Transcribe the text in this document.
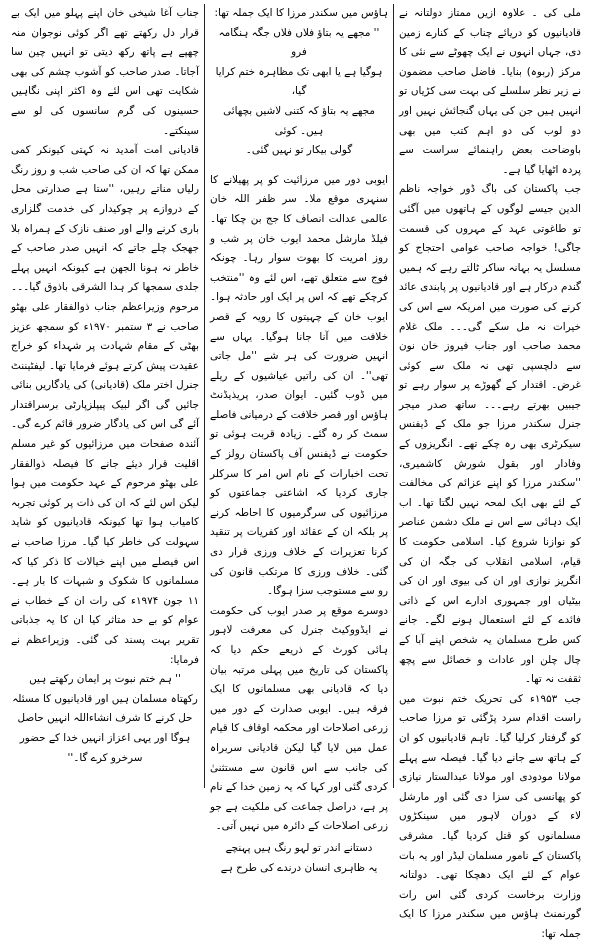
ملی کی ۔ علاوہ ازیں ممتاز دولتانہ نے قادیانیوں کو دریائے چناب کے کنارے زمین دی، جہاں انہوں نے ایک چھوٹے سے نئی کا مرکز (ربوہ) بنایا۔ فاضل صاحب مضمون نے زیر نظر سلسلے کی بہت سی کڑیاں تو انہیں ہیں جن کی یہاں گنجائش نہیں اور دو لوب کی دو اہم کتب میں بھی باوضاحت بعض راہنمائے سراست سے پردہ اٹھایا گیا ہے۔

جب پاکستان کی باگ ڈور خواجہ ناظم الدین جیسے لوگوں کے ہاتھوں میں آگئی تو طاغوتی عہد کے مہروں کی قسمت جاگی! خواجہ صاحب عوامی احتجاج کو مسلسل یہ بہانہ ساکر ٹالتے رہے کہ ہمیں گندم درکار ہے اور قادیانیوں پر پابندی عائد کرنے کی صورت میں امریکہ سے اس کی خیرات نہ مل سکے گی۔۔۔ ملک غلام محمد صاحب اور جناب فیروز خان نون سے دلچسپی تھی نہ ملک سے کوئی غرض۔ اقتدار کے گھوڑے پر سوار رہے تو جیبیں بھرتے رہے۔۔۔ ساتھ صدر میجر جنرل سکندر مرزا جو ملک کے ڈیفنس سیکرٹری بھی رہ چکے تھے۔ انگریزوں کے وفادار اور بقول شورش کاشمیری، ''سکندر مرزا کو اپنے عزائم کی مخالفت کے لئے بھی ایک لمحہ نہیں لگتا تھا۔ اب ایک دہائی سے اس نے ملک دشمن عناصر کو نوازنا شروع کیا۔ اسلامی حکومت کا قیام، اسلامی انقلاب کی جگہ ان کی انگریز نوازی اور ان کی بیوی اور ان کی بیٹیاں اور جمہوری ادارے اس کے ذاتی فائدے کے لئے استعمال ہونے لگے۔ جانے کس طرح مسلمان یہ شخص اپنے آبا کے چال چلن اور عادات و خصائل سے پچھ ثقفت نہ تھا۔

جب ۱۹۵۳ء کی تحریک ختم نبوت میں راست اقدام سرد پڑگئی تو مرزا صاحب کو گرفتار کرلیا گیا۔ تاہم قادیانیوں کو ان کے ہاتھ سے جانے دیا گیا۔ فیصلہ سے پہلے مولانا مودودی اور مولانا عبدالستار نیازی کو پھانسی کی سزا دی گئی اور مارشل لاء کے دوران لاہور میں سینکڑوں مسلمانوں کو قتل کردیا گیا۔ مشرقی پاکستان کے نامور مسلمان لیڈر اور یہ بات عوام کے لئے ایک دھچکا تھی۔ دولتانہ وزارت برخاست کردی گئی اس رات گورنمنٹ ہاؤس میں سکندر مرزا کا ایک جملہ تھا:

ہاؤس میں سکندر مرزا کا ایک جملہ تھا:

'' مجھے یہ بتاؤ فلاں فلاں جگہ ہنگامہ فرو

ہوگیا ہے یا ابھی تک مظاہرہ ختم کرایا گیا،

مجھے یہ بتاؤ کہ کتنی لاشیں بچھائی ہیں۔ کوئی

گولی بیکار تو نہیں گئی۔

ایوبی دور میں مرزائیت کو پر پھیلانے کا سنہری موقع ملا۔ سر ظفر اللہ خان عالمی عدالت انصاف کا جج بن چکا تھا۔ فیلڈ مارشل محمد ایوب خان پر شب و روز امریت کا بھوت سوار رہا۔ چونکہ فوج سے متعلق تھے، اس لئے وہ ''منتخب کرچکے تھے کہ اس پر ایک اور حادثہ ہوا۔ ایوب خان کے چہیتوں کا رویہ کے قصر خلافت میں آنا جانا ہوگیا۔ یہاں سے انہیں ضرورت کی ہر شے ''مل جاتی تھی''۔ ان کی راتیں عیاشیوں کے ریلے میں ڈوب گئیں۔ ایوان صدر، پریذیڈنٹ ہاؤس اور قصر خلافت کے درمیانی فاصلے سمٹ کر رہ گئے۔ زیادہ قربت ہوئی تو حکومت نے ڈیفنس آف پاکستان رولز کے تحت اخبارات کے نام اس امر کا سرکلر جاری کردیا کہ اشاعتی جماعتوں کو مرزائیوں کی سرگرمیوں کا احاطہ کرنے پر بلکہ ان کے عقائد اور کفریات پر تنقید کرنا تعزیرات کے خلاف ورزی قرار دی گئی۔ خلاف ورزی کا مرتکب قانون کی رو سے مستوجب سزا ہوگا۔

دوسرے موقع پر صدر ایوب کی حکومت نے ایڈووکیٹ جنرل کی معرفت لاہور ہائی کورٹ کے ذریعے حکم دیا کہ پاکستان کی تاریخ میں پہلی مرتبہ بیان دیا کہ قادیانی بھی مسلمانوں کا ایک فرقہ ہیں۔ ایوبی صدارت کے دور میں زرعی اصلاحات اور محکمہ اوقاف کا قیام عمل میں لایا گیا لیکن قادیانی سربراہ کی جانب سے اس قانون سے مستثنیٰ کردی گئی اور کہا کہ یہ زمین خدا کے نام پر ہے، دراصل جماعت کی ملکیت ہے جو زرعی اصلاحات کے دائرہ میں نہیں آتی۔

دستانے اندر تو لہو رنگ ہیں پہنچے

یہ ظاہری انسان درندے کی طرح ہے

جناب آغا شیخی خان اپنے پہلو میں ایک بے قرار دل رکھتے تھے اگر کوئی نوجوان منہ چھپے ہے پاتھ رکھ دیتی تو انہیں چین سا آجاتا۔ صدر صاحب کو آشوب چشم کی بھی شکایت تھی اس لئے وہ اکثر اپنی نگاہیں حسینوں کی گرم سانسوں کی لو سے سینکتے۔

قادیانی امت آمدید نہ کہتی کیونکر کمی ممکن تھا کہ ان کی صاحب شب و روز رنگ رلیاں مناتے رہیں، ''ستا ہے صدارتی محل کے دروازے پر چوکیدار کی خدمت گلزاری باری کرنے والے اور صنف نازک کے ہمراہ بلا جھجک چلے جاتے کہ انہیں صدر صاحب کے خاطر نہ ہونا الجھن ہے کیونکہ انہیں پہلے جلدی سمجھا کر ہدا الشرقی باذوق گیا۔۔۔ مرحوم وزیراعظم جناب ذوالفقار علی بھٹو صاحب نے ۳ ستمبر ۱۹۷۰ء کو سمجھ عزیز بھٹی کے مقام شہادت پر شہداء کو خراج عقیدت پیش کرتے ہوئے فرمایا تھا۔ لیفٹیننٹ جنرل اختر ملک (قادیانی) کی یادگاریں بنائی جائیں گی اگر لبیک پیپلزپارٹی برسراقتدار آئے گی اس کی یادگار ضرور قائم کرے گی۔ آئندہ صفحات میں مرزائیوں کو غیر مسلم اقلیت قرار دیئے جانے کا فیصلہ ذوالفقار علی بھٹو مرحوم کے عہد حکومت میں ہوا لیکن اس لئے کہ ان کی ذات پر کوئی تجربہ کامیاب ہوا تھا کیونکہ قادیانیوں کو شاید سہولت کی خاطر کیا گیا۔ مرزا صاحب نے اس فیصلے میں اپنے خیالات کا ذکر کیا کہ مسلمانوں کا شکوک و شبہات کا بار ہے۔ ۱۱ جون ۱۹۷۴ء کی رات ان کے خطاب نے عوام کو بے حد متاثر کیا ان کا یہ جذباتی تقریر بہت پسند کی گئی۔ وزیراعظم نے فرمایا:

'' ہم ختم نبوت پر ایمان رکھتے ہیں

رکھتاہ مسلمان ہیں اور قادیانیوں کا مسئلہ

حل کرنے کا شرف انشاءاللہ انہیں حاصل

ہوگا اور یہی اعزاز انہیں خدا کے حضور

سرخرو کرے گا۔''
